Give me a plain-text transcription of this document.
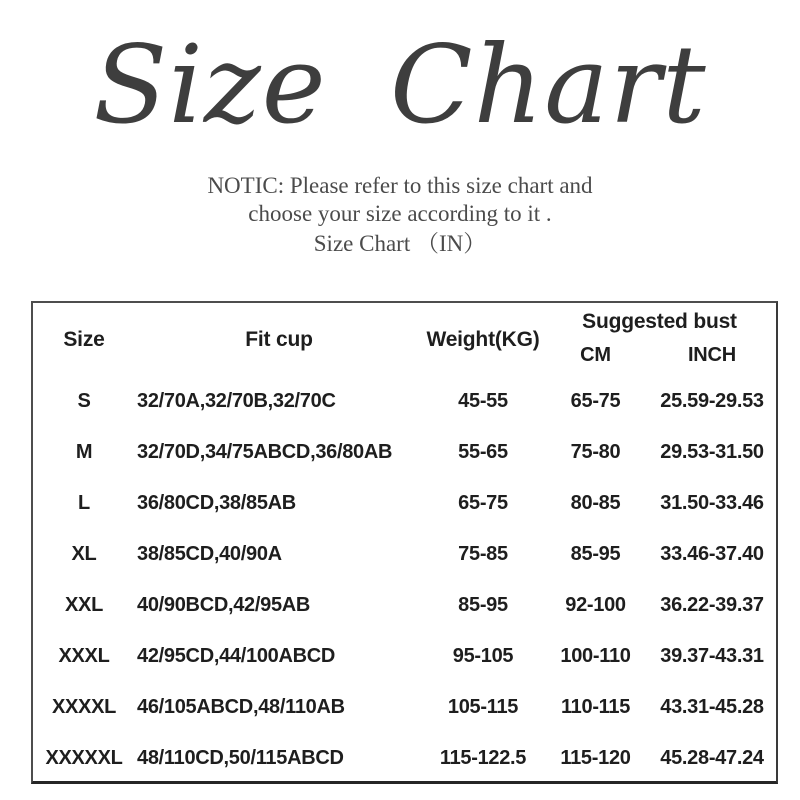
Size Chart
NOTIC: Please refer to this size chart and
choose your size according to it .
Size Chart （IN）
Size	Fit cup	Weight(KG)
Suggested bust
CM	INCH
S	32/70A,32/70B,32/70C	45-55	65-75	25.59-29.53
M	32/70D,34/75ABCD,36/80AB	55-65	75-80	29.53-31.50
L	36/80CD,38/85AB	65-75	80-85	31.50-33.46
XL	38/85CD,40/90A	75-85	85-95	33.46-37.40
XXL	40/90BCD,42/95AB	85-95	92-100	36.22-39.37
XXXL	42/95CD,44/100ABCD	95-105	100-110	39.37-43.31
XXXXL	46/105ABCD,48/110AB	105-115	110-115	43.31-45.28
XXXXXL 48/110CD,50/115ABCD	115-122.5	115-120	45.28-47.24
